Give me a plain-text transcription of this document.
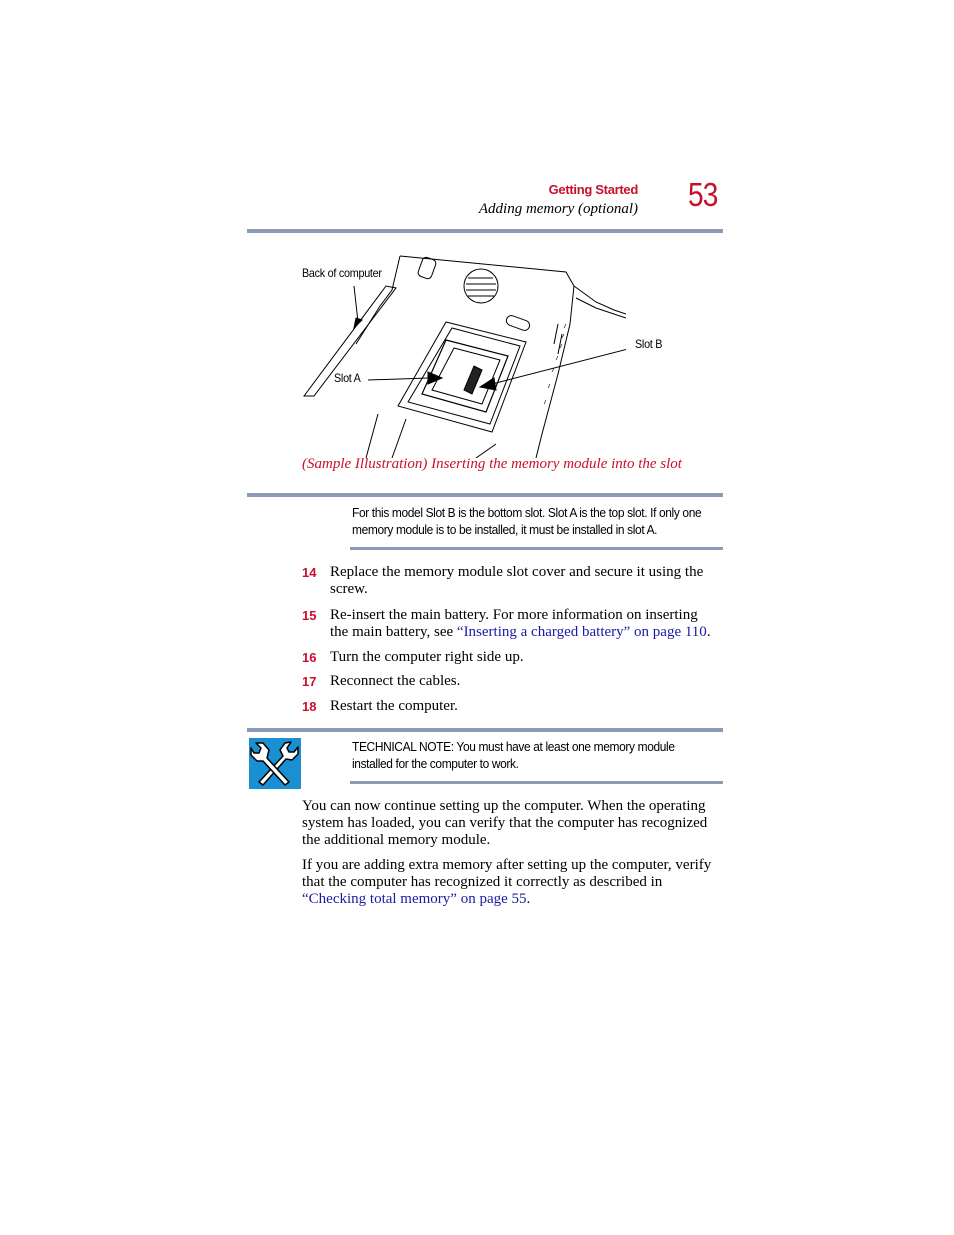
Getting Started
Adding memory (optional) 53
Back of computer
Slot B
Slot A
(Sample Illustration) Inserting the memory module into the slot
For this model Slot B is the bottom slot. Slot A is the top slot. If only one
memory module is to be installed, it must be installed in slot A.
14 Replace the memory module slot cover and secure it using the
screw.
15 Re-insert the main battery. For more information on inserting
the main battery, see “Inserting a charged battery” on page 110.
16 Turn the computer right side up.
17 Reconnect the cables.
18 Restart the computer.
TECHNICAL NOTE: You must have at least one memory module
installed for the computer to work.
You can now continue setting up the computer. When the operating
system has loaded, you can verify that the computer has recognized
the additional memory module.
If you are adding extra memory after setting up the computer, verify
that the computer has recognized it correctly as described in
“Checking total memory” on page 55.
